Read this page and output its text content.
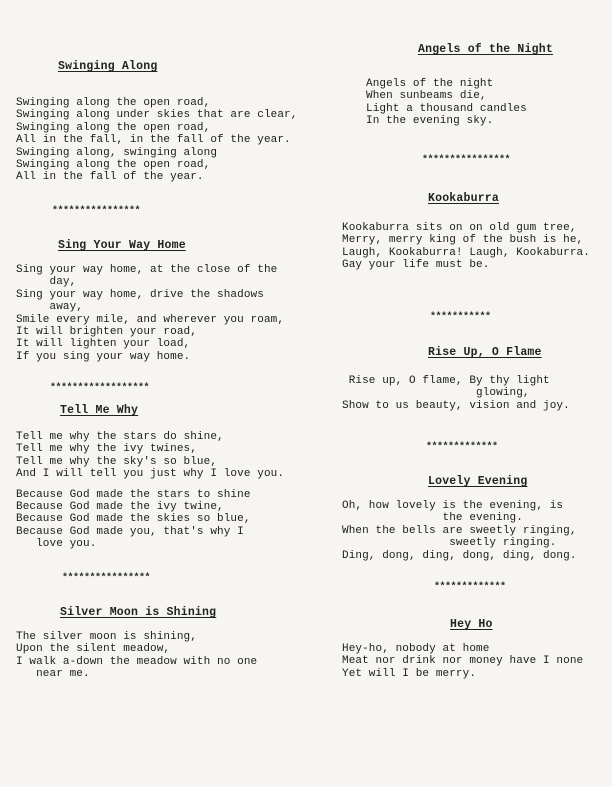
Swinging Along
Swinging along the open road,
Swinging along under skies that are clear,
Swinging along the open road,
All in the fall, in the fall of the year.
Swinging along, swinging along
Swinging along the open road,
All in the fall of the year.
****************
Sing Your Way Home
Sing your way home, at the close of the
day,
Sing your way home, drive the shadows
away,
Smile every mile, and wherever you roam,
It will brighten your road,
It will lighten your load,
If you sing your way home.
******************
Tell Me Why
Tell me why the stars do shine,
Tell me why the ivy twines,
Tell me why the sky's so blue,
And I will tell you just why I love you.
Because God made the stars to shine
Because God made the ivy twine,
Because God made the skies so blue,
Because God made you, that's why I
love you.
****************
Silver Moon is Shining
The silver moon is shining,
Upon the silent meadow,
I walk a-down the meadow with no one
near me.
Angels of the Night
Angels of the night
When sunbeams die,
Light a thousand candles
In the evening sky.
****************
Kookaburra
Kookaburra sits on on old gum tree,
Merry, merry king of the bush is he,
Laugh, Kookaburra! Laugh, Kookaburra.
Gay your life must be.
***********
Rise Up, O Flame
Rise up, O flame, By thy light
glowing,
Show to us beauty, vision and joy.
*************
Lovely Evening
Oh, how lovely is the evening, is
the evening.
When the bells are sweetly ringing,
sweetly ringing.
Ding, dong, ding, dong, ding, dong.
*************
Hey Ho
Hey-ho, nobody at home
Meat nor drink nor money have I none
Yet will I be merry.
